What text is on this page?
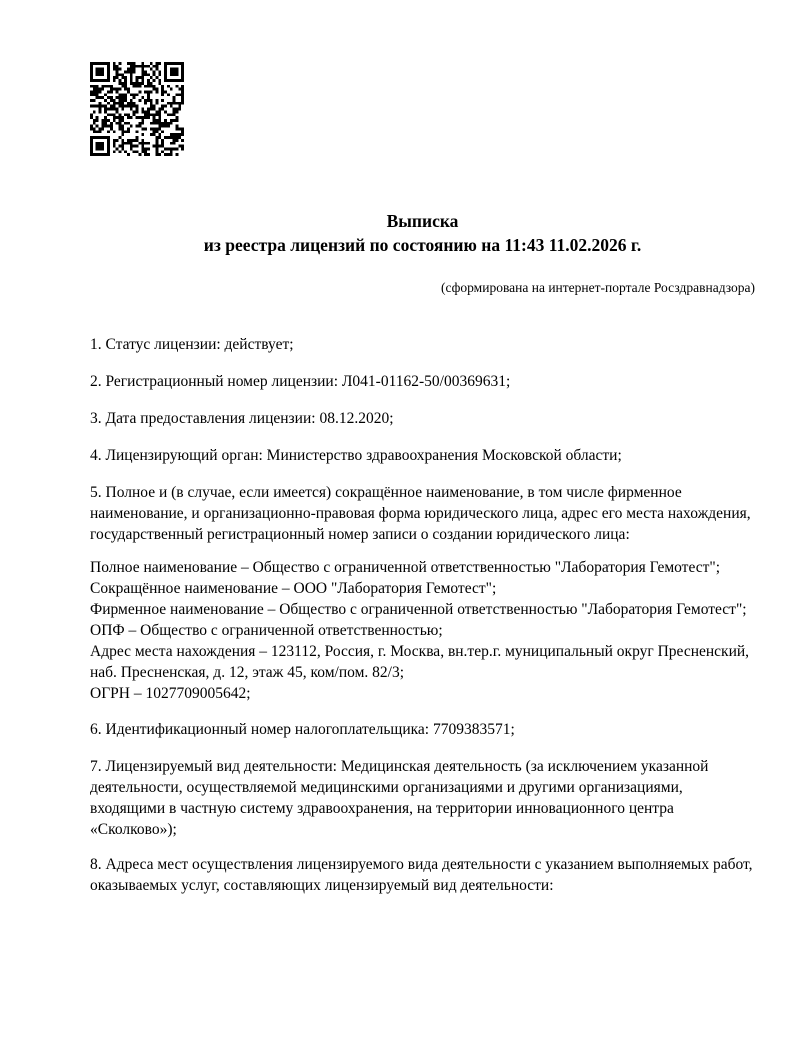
Выписка
из реестра лицензий по состоянию на 11:43 11.02.2026 г.
(сформирована на интернет-портале Росздравнадзора)

1. Статус лицензии: действует;

2. Регистрационный номер лицензии: Л041-01162-50/00369631;

3. Дата предоставления лицензии: 08.12.2020;

4. Лицензирующий орган: Министерство здравоохранения Московской области;

5. Полное и (в случае, если имеется) сокращённое наименование, в том числе фирменное наименование, и организационно-правовая форма юридического лица, адрес его места нахождения, государственный регистрационный номер записи о создании юридического лица:

Полное наименование – Общество с ограниченной ответственностью "Лаборатория Гемотест";

Сокращённое наименование – ООО "Лаборатория Гемотест";

Фирменное наименование – Общество с ограниченной ответственностью "Лаборатория Гемотест";

ОПФ – Общество с ограниченной ответственностью;

Адрес места нахождения – 123112, Россия, г. Москва, вн.тер.г. муниципальный округ Пресненский, наб. Пресненская, д. 12, этаж 45, ком/пом. 82/3;

ОГРН – 1027709005642;

6. Идентификационный номер налогоплательщика: 7709383571;

7. Лицензируемый вид деятельности: Медицинская деятельность (за исключением указанной деятельности, осуществляемой медицинскими организациями и другими организациями, входящими в частную систему здравоохранения, на территории инновационного центра «Сколково»);

8. Адреса мест осуществления лицензируемого вида деятельности с указанием выполняемых работ, оказываемых услуг, составляющих лицензируемый вид деятельности:
